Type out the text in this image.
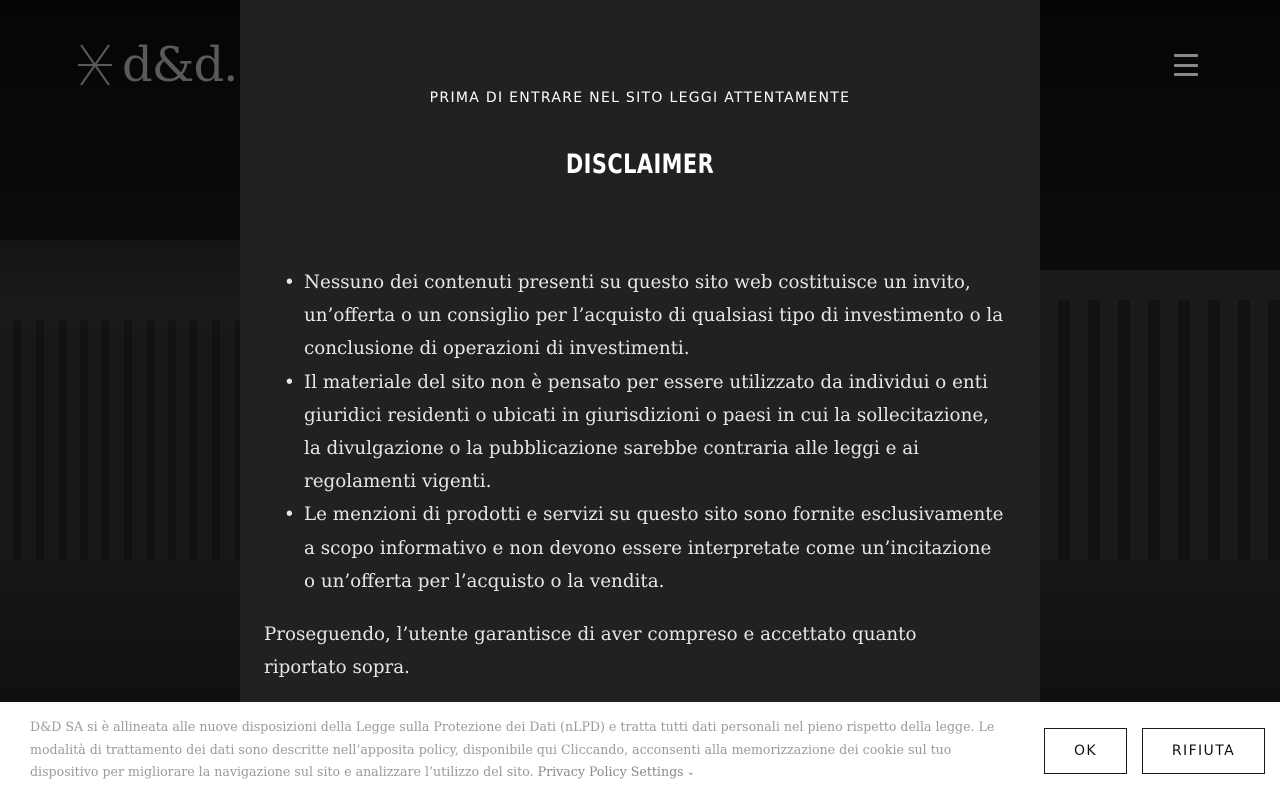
d&d.
PRIMA DI ENTRARE NEL SITO LEGGI ATTENTAMENTE
DISCLAIMER
• Nessuno dei contenuti presenti su questo sito web costituisce un invito, un’offerta o un consiglio per l’acquisto di qualsiasi tipo di investimento o la conclusione di operazioni di investimenti.
• Il materiale del sito non è pensato per essere utilizzato da individui o enti giuridici residenti o ubicati in giurisdizioni o paesi in cui la sollecitazione, la divulgazione o la pubblicazione sarebbe contraria alle leggi e ai regolamenti vigenti.
• Le menzioni di prodotti e servizi su questo sito sono fornite esclusivamente a scopo informativo e non devono essere interpretate come un’incitazione o un’offerta per l’acquisto o la vendita.

Proseguendo, l’utente garantisce di aver compreso e accettato quanto riportato sopra.

D&D SA si è allineata alle nuove disposizioni della Legge sulla Protezione dei Dati (nLPD) e tratta tutti dati personali nel pieno rispetto della legge. Le modalità di trattamento dei dati sono descritte nell’apposita policy, disponibile qui Cliccando, acconsenti alla memorizzazione dei cookie sul tuo dispositivo per migliorare la navigazione sul sito e analizzare l’utilizzo del sito. Privacy Policy Settings ⌄

OK	RIFIUTA
